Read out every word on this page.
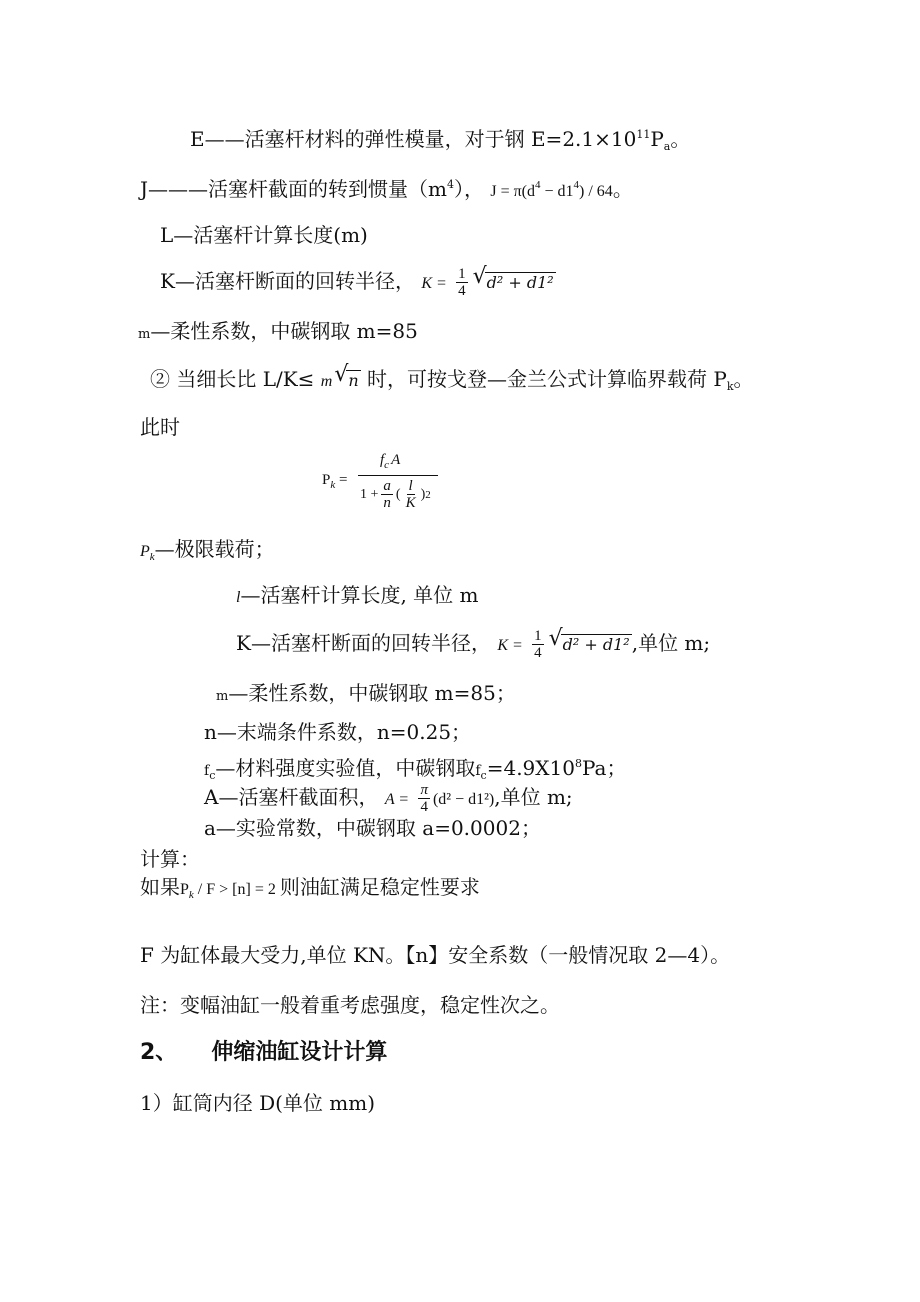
E——活塞杆材料的弹性模量，对于钢 $E=2.1\times 10^{11}P_a$。
J———活塞杆截面的转到惯量$(m^4)$， $J = \pi(d^4 - d1^4) / 64$。
L—活塞杆计算长度(m)
K—活塞杆断面的回转半径， $K = \frac{1}{4}$ √ d² + d1²
m—柔性系数，中碳钢取 m=85
② 当细长比 L/K≤ m √ n 时，可按戈登—金兰公式计算临界载荷 $P_k$。
此时
$P_k$ =
$f_c$ A
$1 + \frac{a}{n}$ ( $\frac{l}{K}$ ) 2
$P_k—$极限载荷；
l—活塞杆计算长度, 单位 m
K—活塞杆断面的回转半径， $K = \frac{1}{4}$ √ d² + d1² ,单位 m;
m—柔性系数，中碳钢取 m=85；
n—末端条件系数，n=0.25；
$f_c—$材料强度实验值，中碳钢取$f_c=4.9X10^8Pa$；
A—活塞杆截面积， $A = \frac{\pi}{4} (d^2 - d1^2)$,单位 m;
a—实验常数，中碳钢取 a=0.0002；
计算：
如果$P_k / F > [n] = 2$ 则油缸满足稳定性要求
F 为缸体最大受力,单位 KN。【n】安全系数（一般情况取 2—4）。
注：变幅油缸一般着重考虑强度，稳定性次之。
2、 伸缩油缸设计计算
1）缸筒内径 D(单位 mm)
